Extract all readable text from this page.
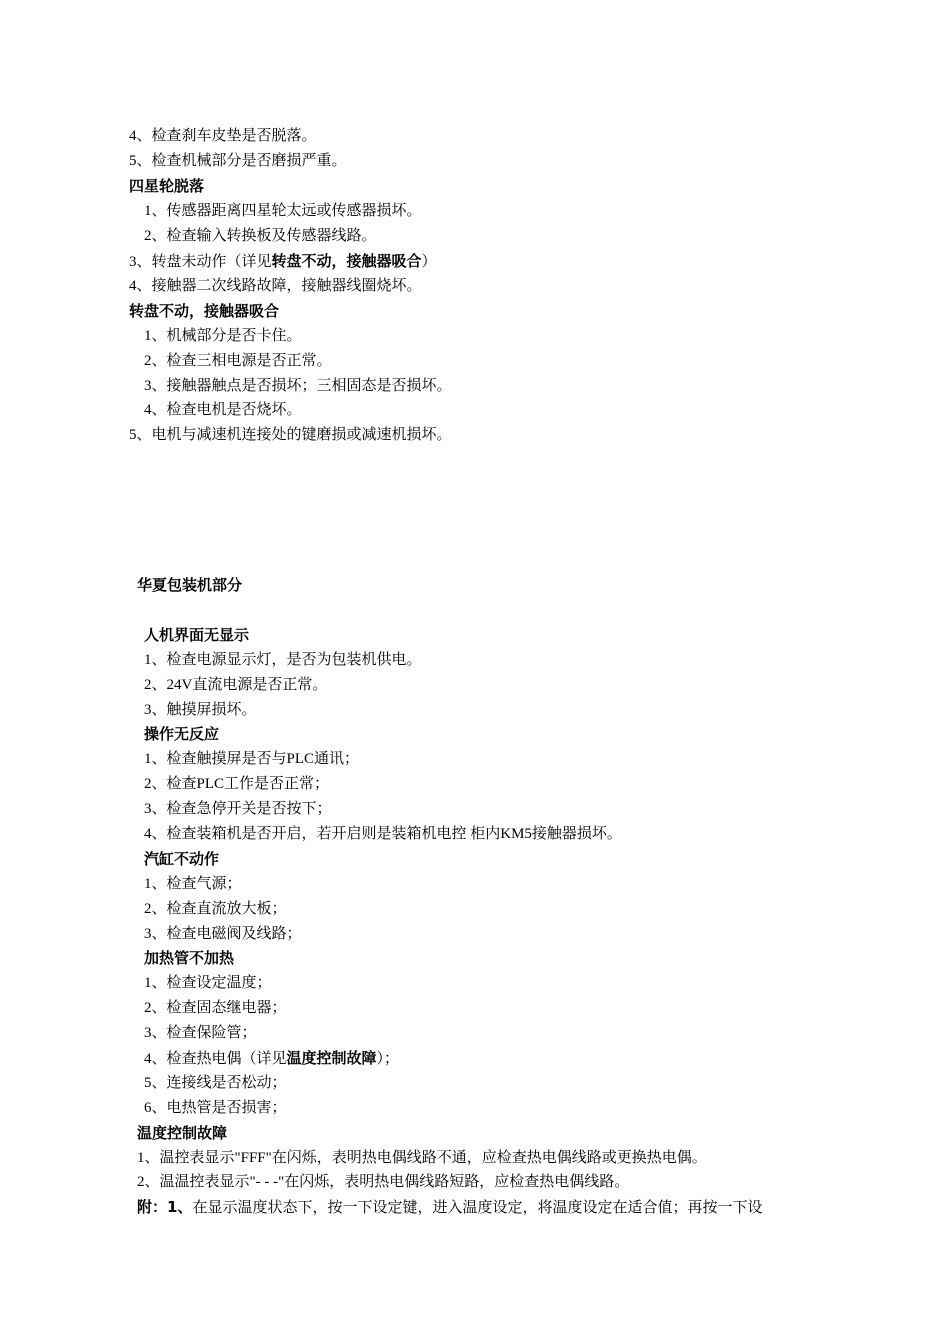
4、检查刹车皮垫是否脱落。
5、检查机械部分是否磨损严重。
四星轮脱落
1、传感器距离四星轮太远或传感器损坏。
2、检查输入转换板及传感器线路。
3、转盘未动作（详见转盘不动，接触器吸合）
4、接触器二次线路故障，接触器线圈烧坏。
转盘不动，接触器吸合
1、机械部分是否卡住。
2、检查三相电源是否正常。
3、接触器触点是否损坏；三相固态是否损坏。
4、检查电机是否烧坏。
5、电机与减速机连接处的键磨损或减速机损坏。
华夏包装机部分
人机界面无显示
1、检查电源显示灯，是否为包装机供电。
2、24V直流电源是否正常。
3、触摸屏损坏。
操作无反应
1、检查触摸屏是否与PLC通讯；
2、检查PLC工作是否正常；
3、检查急停开关是否按下；
4、检查装箱机是否开启，若开启则是装箱机电控 柜内KM5接触器损坏。
汽缸不动作
1、检查气源；
2、检查直流放大板；
3、检查电磁阀及线路；
加热管不加热
1、检查设定温度；
2、检查固态继电器；
3、检查保险管；
4、检查热电偶（详见温度控制故障）；
5、连接线是否松动；
6、电热管是否损害；
温度控制故障
1、温控表显示"FFF"在闪烁，表明热电偶线路不通，应检查热电偶线路或更换热电偶。
2、温温控表显示"- - -"在闪烁，表明热电偶线路短路，应检查热电偶线路。
附：1、在显示温度状态下，按一下设定键，进入温度设定，将温度设定在适合值；再按一下设
